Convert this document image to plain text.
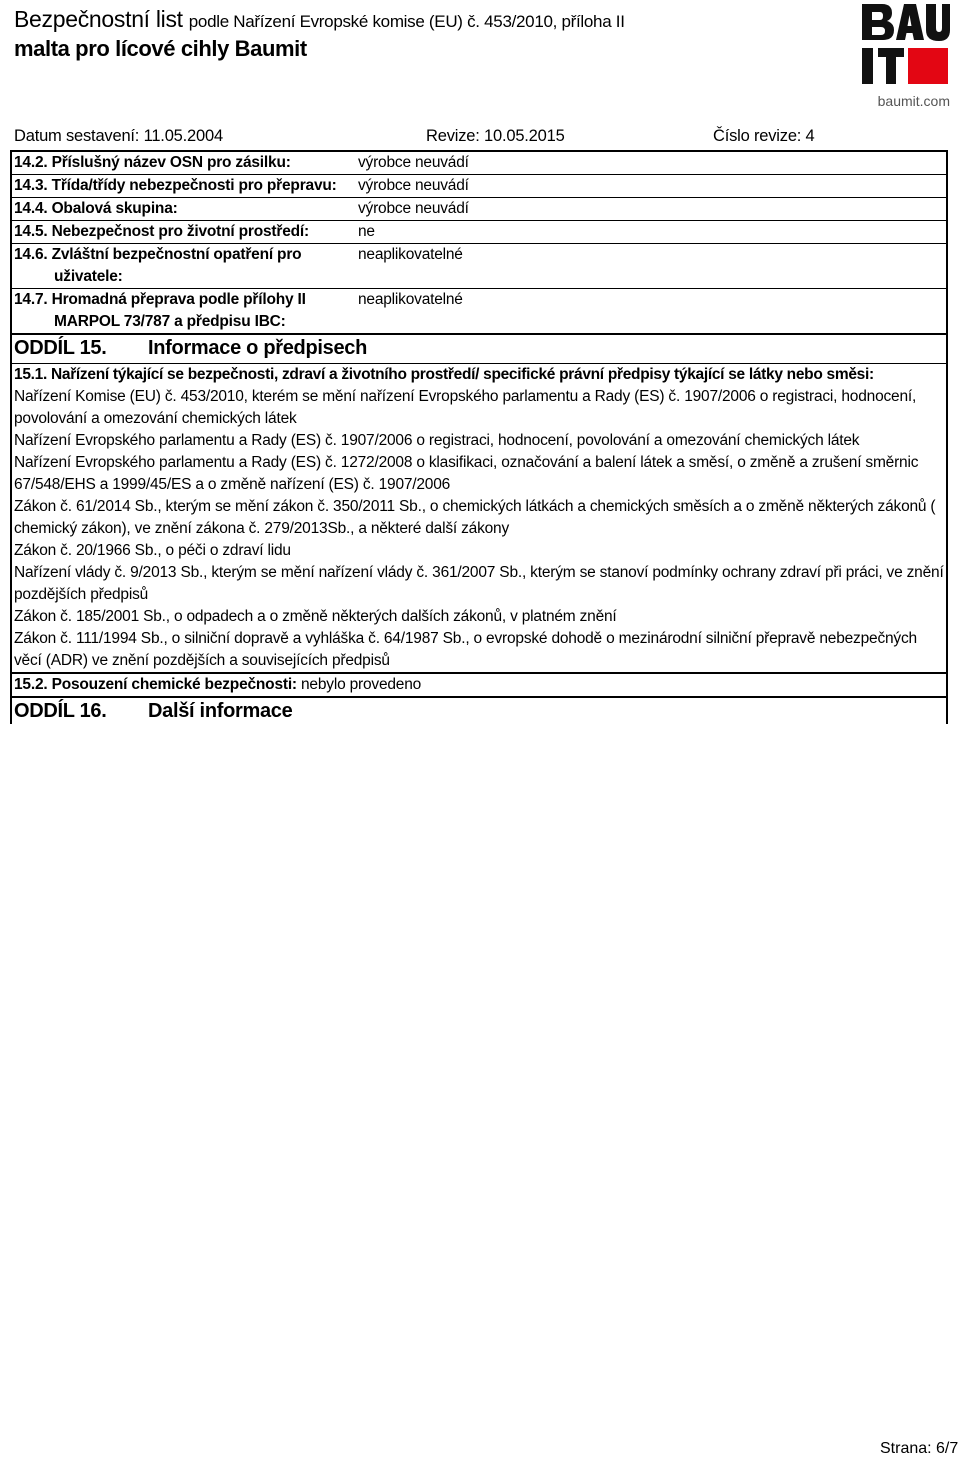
Bezpečnostní list podle Nařízení Evropské komise (EU) č. 453/2010, příloha II
malta pro lícové cihly Baumit
baumit.com
Datum sestavení: 11.05.2004	Revize: 10.05.2015	Číslo revize: 4
14.2. Příslušný název OSN pro zásilku:	výrobce neuvádí
14.3. Třída/třídy nebezpečnosti pro přepravu:	výrobce neuvádí
14.4. Obalová skupina:	výrobce neuvádí
14.5. Nebezpečnost pro životní prostředí:	ne
14.6. Zvláštní bezpečnostní opatření pro uživatele:	neaplikovatelné
14.7. Hromadná přeprava podle přílohy II MARPOL 73/787 a předpisu IBC:	neaplikovatelné
ODDÍL 15. Informace o předpisech
15.1. Nařízení týkající se bezpečnosti, zdraví a životního prostředí/ specifické právní předpisy týkající se látky nebo směsi:

Nařízení Komise (EU) č. 453/2010, kterém se mění nařízení Evropského parlamentu a Rady (ES) č. 1907/2006 o registraci, hodnocení, povolování a omezování chemických látek

Nařízení Evropského parlamentu a Rady (ES) č. 1907/2006 o registraci, hodnocení, povolování a omezování chemických látek

Nařízení Evropského parlamentu a Rady (ES) č. 1272/2008 o klasifikaci, označování a balení látek a směsí, o změně a zrušení směrnic 67/548/EHS a 1999/45/ES a o změně nařízení (ES) č. 1907/2006

Zákon č. 61/2014 Sb., kterým se mění zákon č. 350/2011 Sb., o chemických látkách a chemických směsích a o změně některých zákonů ( chemický zákon), ve znění zákona č. 279/2013Sb., a některé další zákony

Zákon č. 20/1966 Sb., o péči o zdraví lidu

Nařízení vlády č. 9/2013 Sb., kterým se mění nařízení vlády č. 361/2007 Sb., kterým se stanoví podmínky ochrany zdraví při práci, ve znění pozdějších předpisů

Zákon č. 185/2001 Sb., o odpadech a o změně některých dalších zákonů, v platném znění

Zákon č. 111/1994 Sb., o silniční dopravě a vyhláška č. 64/1987 Sb., o evropské dohodě o mezinárodní silniční přepravě nebezpečných věcí (ADR) ve znění pozdějších a souvisejících předpisů

15.2. Posouzení chemické bezpečnosti: nebylo provedeno
ODDÍL 16. Další informace
Strana: 6/7
